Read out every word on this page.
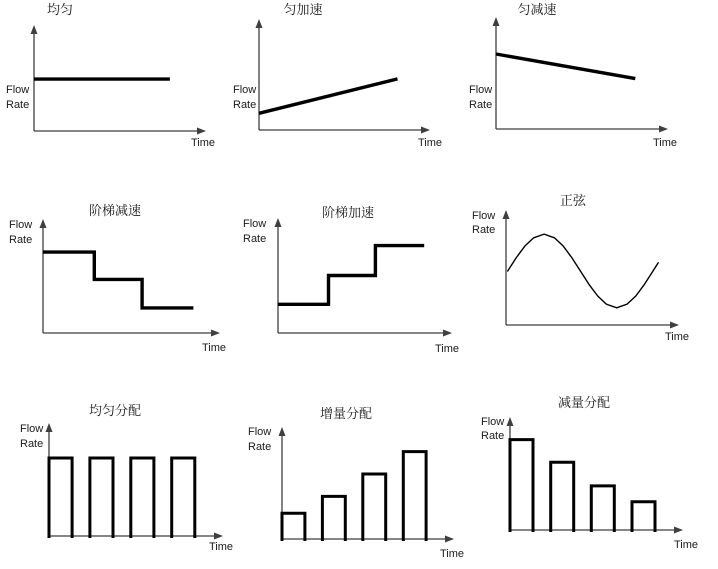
均匀
Flow
Rate
Time
匀加速
Flow
Rate
Time
匀减速
Flow
Rate
Time
阶梯减速
Flow
Rate
Time
阶梯加速
Flow
Rate
Time
正弦
Flow
Rate
Time
均匀分配
Flow
Rate
Time
增量分配
Flow
Rate
Time
减量分配
Flow
Rate
Time
